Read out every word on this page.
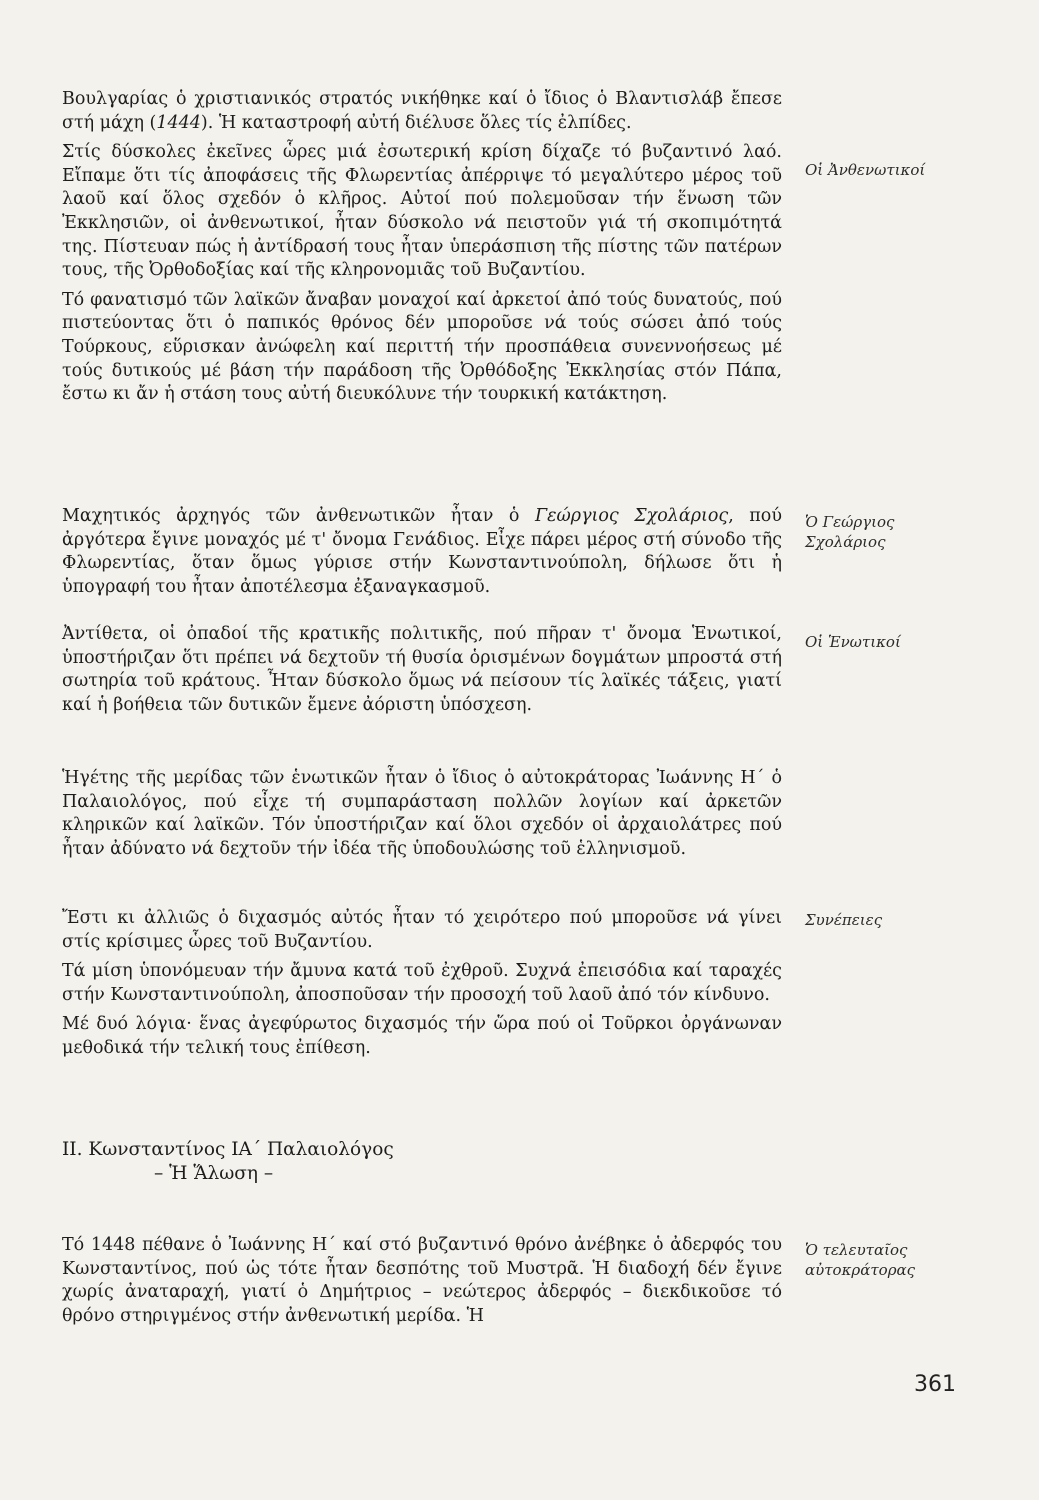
Βουλγαρίας ὁ χριστιανικός στρατός νικήθηκε καί ὁ ἴδιος ὁ Βλαντισλάβ ἔπεσε στή μάχη (1444). Ἡ καταστροφή αὐτή διέλυσε ὅλες τίς ἐλπίδες.

Στίς δύσκολες ἐκεῖνες ὧρες μιά ἐσωτερική κρίση δίχαζε τό βυζαντινό λαό. Εἴπαμε ὅτι τίς ἀποφάσεις τῆς Φλωρεντίας ἀπέρριψε τό μεγαλύτερο μέρος τοῦ λαοῦ καί ὅλος σχεδόν ὁ κλῆρος. Αὐτοί πού πολεμοῦσαν τήν ἕνωση τῶν Ἐκκλησιῶν, οἱ ἀνθενωτικοί, ἦταν δύσκολο νά πειστοῦν γιά τή σκοπιμότητά της. Πίστευαν πώς ἡ ἀντίδρασή τους ἦταν ὑπεράσπιση τῆς πίστης τῶν πατέρων τους, τῆς Ὀρθοδοξίας καί τῆς κληρονομιᾶς τοῦ Βυζαντίου.

Τό φανατισμό τῶν λαϊκῶν ἄναβαν μοναχοί καί ἀρκετοί ἀπό τούς δυνατούς, πού πιστεύοντας ὅτι ὁ παπικός θρόνος δέν μποροῦσε νά τούς σώσει ἀπό τούς Τούρκους, εὕρισκαν ἀνώφελη καί περιττή τήν προσπάθεια συνεννοήσεως μέ τούς δυτικούς μέ βάση τήν παράδοση τῆς Ὀρθόδοξης Ἐκκλησίας στόν Πάπα, ἔστω κι ἄν ἡ στάση τους αὐτή διευκόλυνε τήν τουρκική κατάκτηση.

Μαχητικός ἀρχηγός τῶν ἀνθενωτικῶν ἦταν ὁ Γεώργιος Σχολάριος, πού ἀργότερα ἔγινε μοναχός μέ τ' ὄνομα Γενάδιος. Εἶχε πάρει μέρος στή σύνοδο τῆς Φλωρεντίας, ὅταν ὅμως γύρισε στήν Κωνσταντινούπολη, δήλωσε ὅτι ἡ ὑπογραφή του ἦταν ἀποτέλεσμα ἐξαναγκασμοῦ.

Ἀντίθετα, οἱ ὀπαδοί τῆς κρατικῆς πολιτικῆς, πού πῆραν τ' ὄνομα Ἑνωτικοί, ὑποστήριζαν ὅτι πρέπει νά δεχτοῦν τή θυσία ὁρισμένων δογμάτων μπροστά στή σωτηρία τοῦ κράτους. Ἦταν δύσκολο ὅμως νά πείσουν τίς λαϊκές τάξεις, γιατί καί ἡ βοήθεια τῶν δυτικῶν ἔμενε ἀόριστη ὑπόσχεση.

Ἡγέτης τῆς μερίδας τῶν ἑνωτικῶν ἦταν ὁ ἴδιος ὁ αὐτοκράτορας Ἰωάννης Η΄ ὁ Παλαιολόγος, πού εἶχε τή συμπαράσταση πολλῶν λογίων καί ἀρκετῶν κληρικῶν καί λαϊκῶν. Τόν ὑποστήριζαν καί ὅλοι σχεδόν οἱ ἀρχαιολάτρες πού ἦταν ἀδύνατο νά δεχτοῦν τήν ἰδέα τῆς ὑποδουλώσης τοῦ ἑλληνισμοῦ.

Ἔστι κι ἀλλιῶς ὁ διχασμός αὐτός ἦταν τό χειρότερο πού μποροῦσε νά γίνει στίς κρίσιμες ὧρες τοῦ Βυζαντίου.

Τά μίση ὑπονόμευαν τήν ἄμυνα κατά τοῦ ἐχθροῦ. Συχνά ἐπεισόδια καί ταραχές στήν Κωνσταντινούπολη, ἀποσποῦσαν τήν προσοχή τοῦ λαοῦ ἀπό τόν κίνδυνο.

Μέ δυό λόγια· ἕνας ἀγεφύρωτος διχασμός τήν ὥρα πού οἱ Τοῦρκοι ὀργάνωναν μεθοδικά τήν τελική τους ἐπίθεση.

ΙΙ. Κωνσταντίνος ΙΑ΄ Παλαιολόγος
– Ἡ Ἅλωση –

Τό 1448 πέθανε ὁ Ἰωάννης Η΄ καί στό βυζαντινό θρόνο ἀνέβηκε ὁ ἀδερφός του Κωνσταντίνος, πού ὡς τότε ἦταν δεσπότης τοῦ Μυστρᾶ. Ἡ διαδοχή δέν ἔγινε χωρίς ἀναταραχή, γιατί ὁ Δημήτριος – νεώτερος ἀδερφός – διεκδικοῦσε τό θρόνο στηριγμένος στήν ἀνθενωτική μερίδα. Ἡ

Οἱ Ἀνθενωτικοί
Ὁ Γεώργιος Σχολάριος
Οἱ Ἑνωτικοί
Συνέπειες
Ὁ τελευταῖος αὐτοκράτορας
361
